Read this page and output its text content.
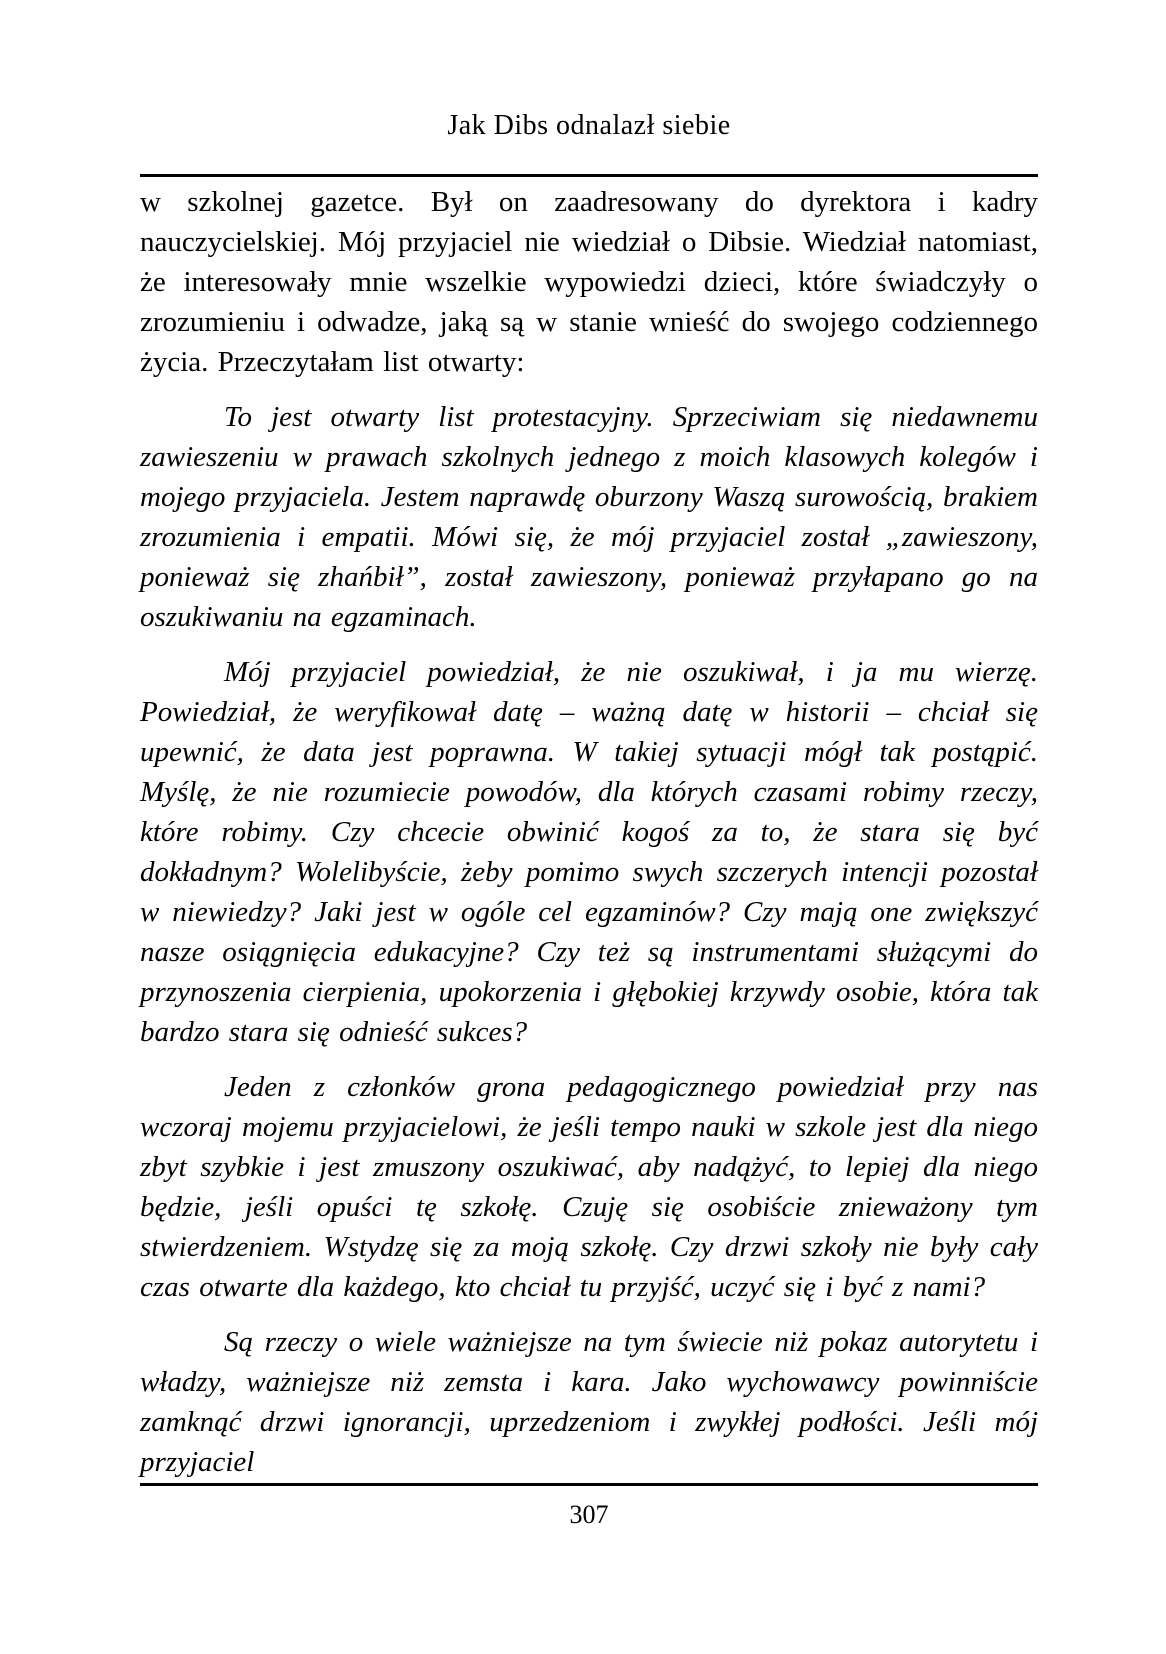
Jak Dibs odnalazł siebie

w szkolnej gazetce. Był on zaadresowany do dyrektora i kadry nauczycielskiej. Mój przyjaciel nie wiedział o Dibsie. Wiedział natomiast, że interesowały mnie wszelkie wypowiedzi dzieci, które świadczyły o zrozumieniu i odwadze, jaką są w stanie wnieść do swojego codziennego życia. Przeczytałam list otwarty:

To jest otwarty list protestacyjny. Sprzeciwiam się niedawnemu zawieszeniu w prawach szkolnych jednego z moich klasowych kolegów i mojego przyjaciela. Jestem naprawdę oburzony Waszą surowością, brakiem zrozumienia i empatii. Mówi się, że mój przyjaciel został „zawieszony, ponieważ się zhańbił”, został zawieszony, ponieważ przyłapano go na oszukiwaniu na egzaminach.

Mój przyjaciel powiedział, że nie oszukiwał, i ja mu wierzę. Powiedział, że weryfikował datę – ważną datę w historii – chciał się upewnić, że data jest poprawna. W takiej sytuacji mógł tak postąpić. Myślę, że nie rozumiecie powodów, dla których czasami robimy rzeczy, które robimy. Czy chcecie obwinić kogoś za to, że stara się być dokładnym? Wolelibyście, żeby pomimo swych szczerych intencji pozostał w niewiedzy? Jaki jest w ogóle cel egzaminów? Czy mają one zwiększyć nasze osiągnięcia edukacyjne? Czy też są instrumentami służącymi do przynoszenia cierpienia, upokorzenia i głębokiej krzywdy osobie, która tak bardzo stara się odnieść sukces?

Jeden z członków grona pedagogicznego powiedział przy nas wczoraj mojemu przyjacielowi, że jeśli tempo nauki w szkole jest dla niego zbyt szybkie i jest zmuszony oszukiwać, aby nadążyć, to lepiej dla niego będzie, jeśli opuści tę szkołę. Czuję się osobiście znieważony tym stwierdzeniem. Wstydzę się za moją szkołę. Czy drzwi szkoły nie były cały czas otwarte dla każdego, kto chciał tu przyjść, uczyć się i być z nami?

Są rzeczy o wiele ważniejsze na tym świecie niż pokaz autorytetu i władzy, ważniejsze niż zemsta i kara. Jako wychowawcy powinniście zamknąć drzwi ignorancji, uprzedzeniom i zwykłej podłości. Jeśli mój przyjaciel

307
